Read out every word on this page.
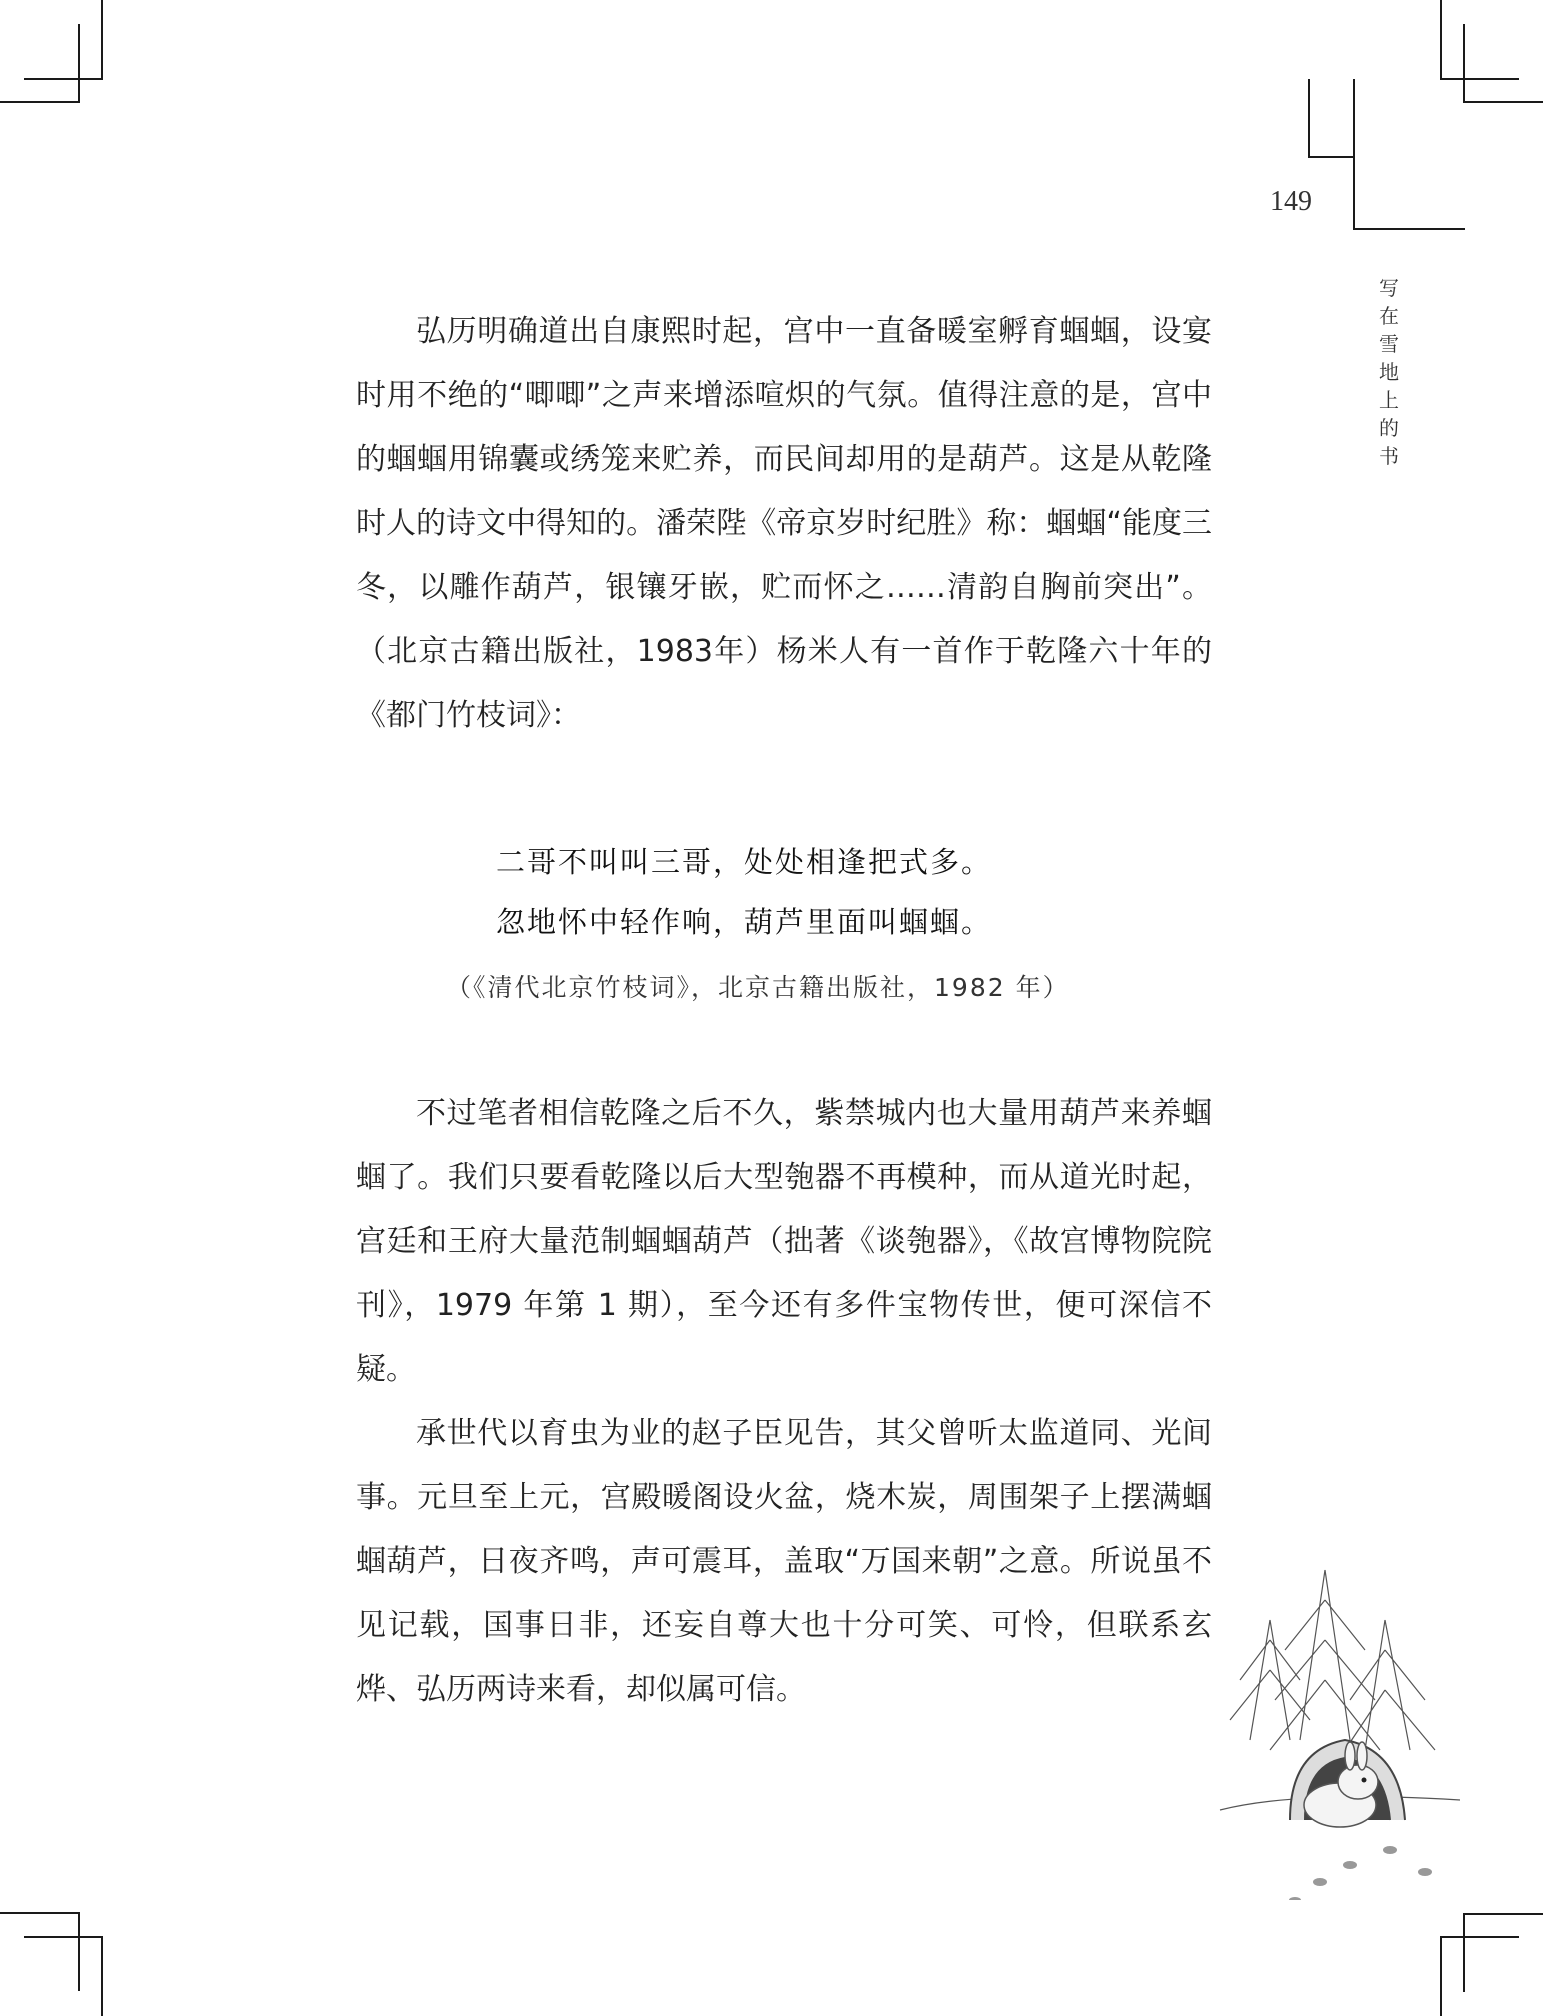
149
写在雪地上的书

弘历明确道出自康熙时起，宫中一直备暖室孵育蝈蝈，设宴时用不绝的“唧唧”之声来增添喧炽的气氛。值得注意的是，宫中的蝈蝈用锦囊或绣笼来贮养，而民间却用的是葫芦。这是从乾隆时人的诗文中得知的。潘荣陛《帝京岁时纪胜》称：蝈蝈“能度三冬，以雕作葫芦，银镶牙嵌，贮而怀之……清韵自胸前突出”。（北京古籍出版社，1983年）杨米人有一首作于乾隆六十年的《都门竹枝词》：

二哥不叫叫三哥，处处相逢把式多。
忽地怀中轻作响，葫芦里面叫蝈蝈。
（《清代北京竹枝词》，北京古籍出版社，1982 年）

不过笔者相信乾隆之后不久，紫禁城内也大量用葫芦来养蝈蝈了。我们只要看乾隆以后大型匏器不再模种，而从道光时起，宫廷和王府大量范制蝈蝈葫芦（拙著《谈匏器》，《故宫博物院院刊》，1979 年第 1 期），至今还有多件宝物传世，便可深信不疑。

承世代以育虫为业的赵子臣见告，其父曾听太监道同、光间事。元旦至上元，宫殿暖阁设火盆，烧木炭，周围架子上摆满蝈蝈葫芦，日夜齐鸣，声可震耳，盖取“万国来朝”之意。所说虽不见记载，国事日非，还妄自尊大也十分可笑、可怜，但联系玄烨、弘历两诗来看，却似属可信。
